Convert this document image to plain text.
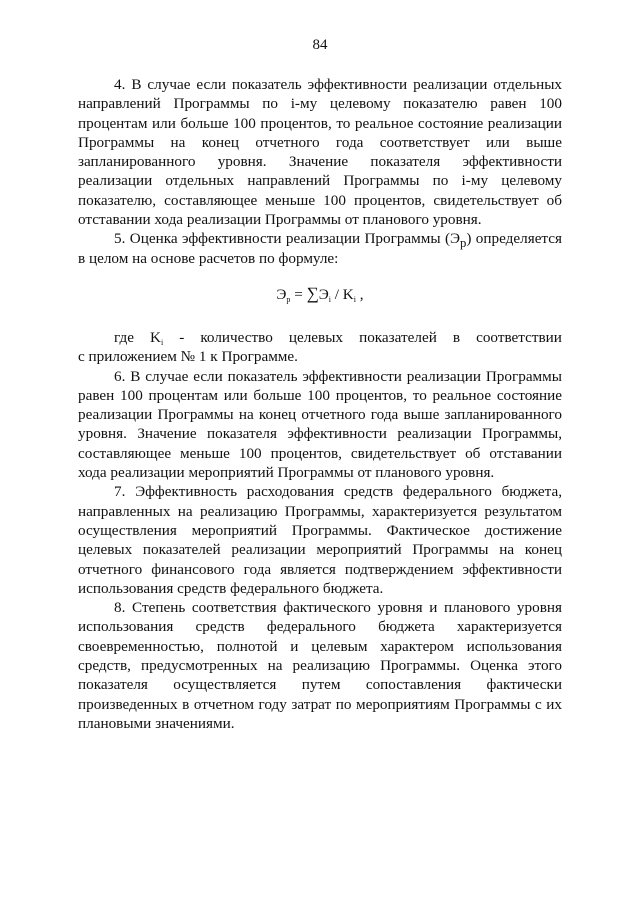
84

4. В случае если показатель эффективности реализации отдельных направлений Программы по i-му целевому показателю равен 100 процентам или больше 100 процентов, то реальное состояние реализации Программы на конец отчетного года соответствует или выше запланированного уровня. Значение показателя эффективности реализации отдельных направлений Программы по i-му целевому показателю, составляющее меньше 100 процентов, свидетельствует об отставании хода реализации Программы от планового уровня.

5. Оценка эффективности реализации Программы $(Э_р)$ определяется в целом на основе расчетов по формуле:

$Э_р = \sum Э_i / K_i$ ,
где $K_i$ - количество целевых показателей в соответствии

с приложением № 1 к Программе.

6. В случае если показатель эффективности реализации Программы равен 100 процентам или больше 100 процентов, то реальное состояние реализации Программы на конец отчетного года выше запланированного уровня. Значение показателя эффективности реализации Программы, составляющее меньше 100 процентов, свидетельствует об отставании хода реализации мероприятий Программы от планового уровня.

7. Эффективность расходования средств федерального бюджета, направленных на реализацию Программы, характеризуется результатом осуществления мероприятий Программы. Фактическое достижение целевых показателей реализации мероприятий Программы на конец отчетного финансового года является подтверждением эффективности использования средств федерального бюджета.

8. Степень соответствия фактического уровня и планового уровня использования средств федерального бюджета характеризуется своевременностью, полнотой и целевым характером использования средств, предусмотренных на реализацию Программы. Оценка этого показателя осуществляется путем сопоставления фактически произведенных в отчетном году затрат по мероприятиям Программы с их плановыми значениями.
